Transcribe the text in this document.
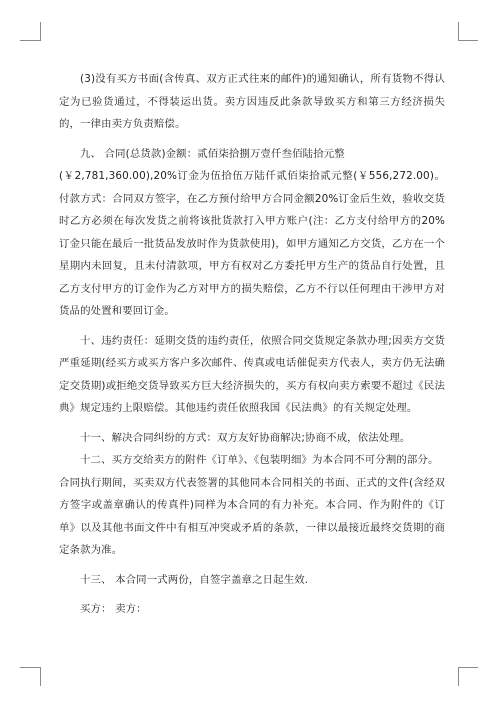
(3)没有买方书面(含传真、双方正式往来的邮件)的通知确认，所有货物不得认定为已验货通过，不得装运出货。卖方因违反此条款导致买方和第三方经济损失的，一律由卖方负责赔偿。

九、 合同(总货款)金额：贰佰柒拾捌万壹仟叁佰陆拾元整

(￥2,781,360.00),20%订金为伍拾伍万陆仟贰佰柒拾贰元整(￥556,272.00)。付款方式：合同双方签字，在乙方预付给甲方合同金额20%订金后生效，验收交货时乙方必须在每次发货之前将该批货款打入甲方账户(注：乙方支付给甲方的20%订金只能在最后一批货品发放时作为货款使用)，如甲方通知乙方交货，乙方在一个星期内未回复，且未付清款项，甲方有权对乙方委托甲方生产的货品自行处置，且乙方支付甲方的订金作为乙方对甲方的损失赔偿，乙方不行以任何理由干涉甲方对货品的处置和要回订金。

十、违约责任：延期交货的违约责任，依照合同交货规定条款办理;因卖方交货严重延期(经买方或买方客户多次邮件、传真或电话催促卖方代表人，卖方仍无法确定交货期)或拒绝交货导致买方巨大经济损失的，买方有权向卖方索要不超过《民法典》规定违约上限赔偿。其他违约责任依照我国《民法典》的有关规定处理。

十一、解决合同纠纷的方式：双方友好协商解决;协商不成，依法处理。

十二、买方交给卖方的附件《订单》、《包装明细》为本合同不可分割的部分。

合同执行期间，买卖双方代表签署的其他同本合同相关的书面、正式的文件(含经双方签字或盖章确认的传真件)同样为本合同的有力补充。本合同、作为附件的《订单》以及其他书面文件中有相互冲突或矛盾的条款，一律以最接近最终交货期的商定条款为准。

十三、 本合同一式两份，自签字盖章之日起生效.

买方： 卖方：
